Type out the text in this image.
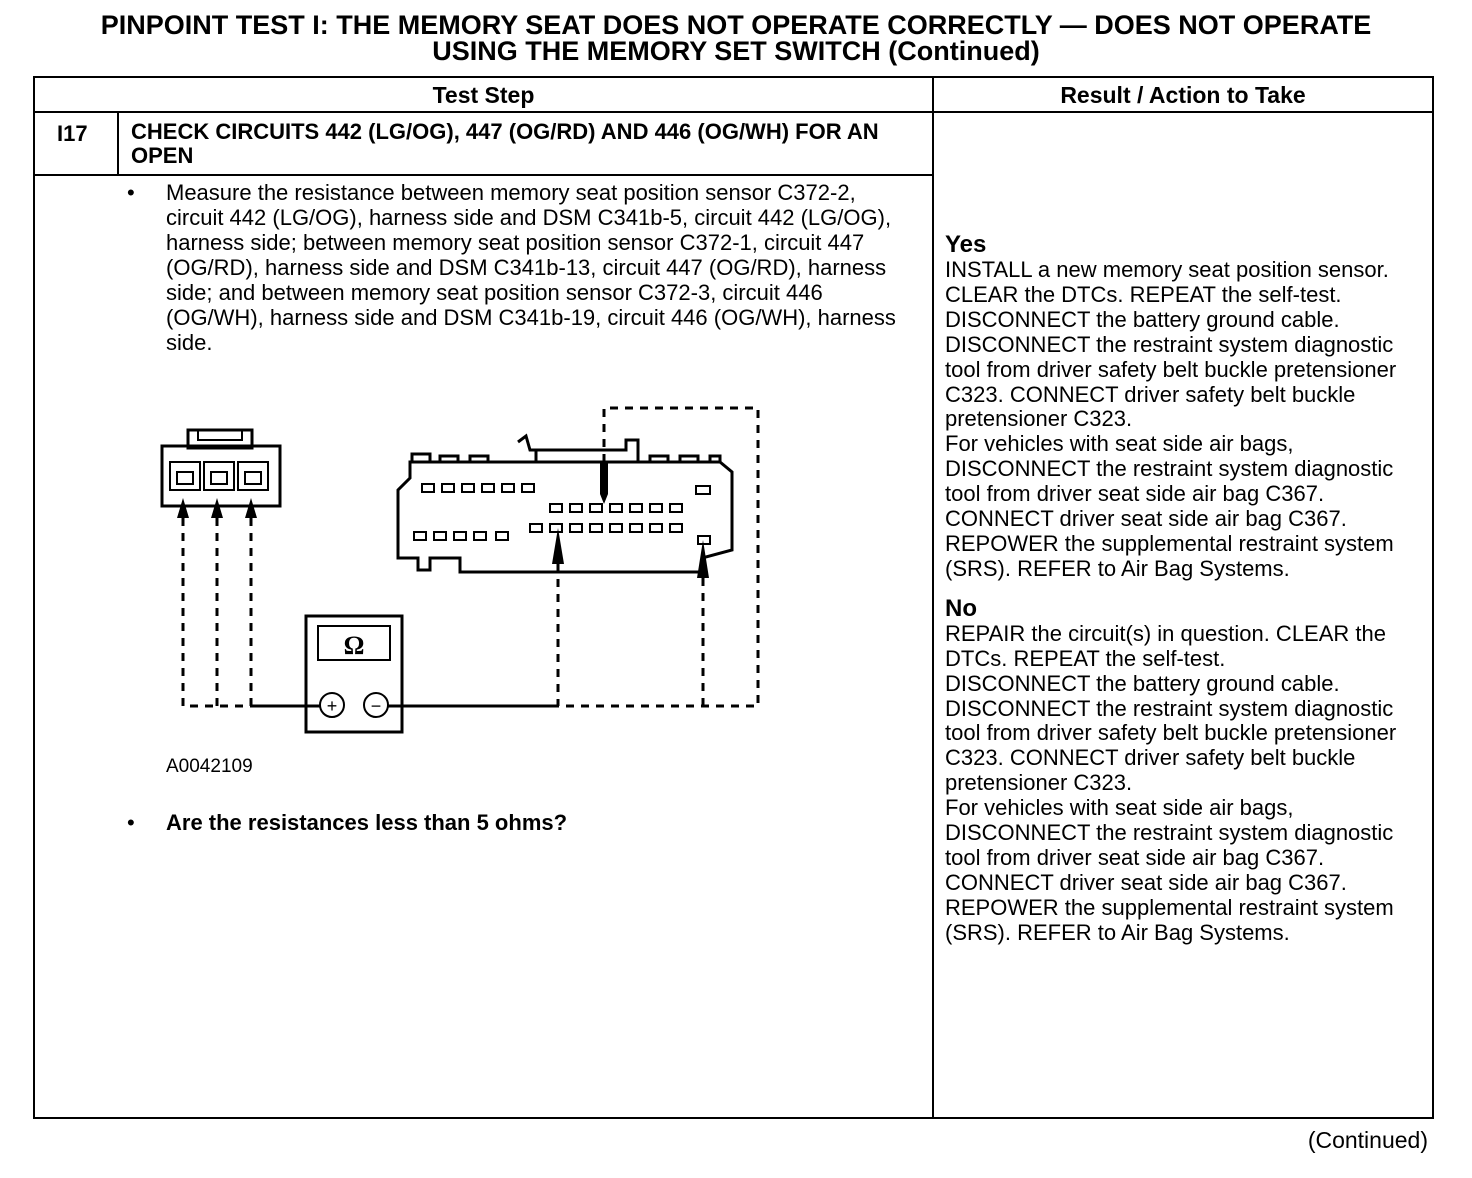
PINPOINT TEST I: THE MEMORY SEAT DOES NOT OPERATE CORRECTLY — DOES NOT OPERATE
USING THE MEMORY SET SWITCH (Continued)
Test Step	Result / Action to Take
I17 CHECK CIRCUITS 442 (LG/OG), 447 (OG/RD) AND 446 (OG/WH) FOR AN OPEN
• Measure the resistance between memory seat position sensor C372-2, circuit 442 (LG/OG), harness side and DSM C341b-5, circuit 442 (LG/OG), harness side; between memory seat position sensor C372-1, circuit 447 (OG/RD), harness side and DSM C341b-13, circuit 447 (OG/RD), harness side; and between memory seat position sensor C372-3, circuit 446 (OG/WH), harness side and DSM C341b-19, circuit 446 (OG/WH), harness side.
A0042109
• Are the resistances less than 5 ohms?
Yes

INSTALL a new memory seat position sensor. CLEAR the DTCs. REPEAT the self-test.

DISCONNECT the battery ground cable.

DISCONNECT the restraint system diagnostic tool from driver safety belt buckle pretensioner C323. CONNECT driver safety belt buckle pretensioner C323.

For vehicles with seat side air bags, DISCONNECT the restraint system diagnostic tool from driver seat side air bag C367. CONNECT driver seat side air bag C367.

REPOWER the supplemental restraint system (SRS). REFER to Air Bag Systems.

No

REPAIR the circuit(s) in question. CLEAR the DTCs. REPEAT the self-test.

DISCONNECT the battery ground cable.

DISCONNECT the restraint system diagnostic tool from driver safety belt buckle pretensioner C323. CONNECT driver safety belt buckle pretensioner C323.

For vehicles with seat side air bags, DISCONNECT the restraint system diagnostic tool from driver seat side air bag C367. CONNECT driver seat side air bag C367.

REPOWER the supplemental restraint system (SRS). REFER to Air Bag Systems.

Ω
+ −
(Continued)
